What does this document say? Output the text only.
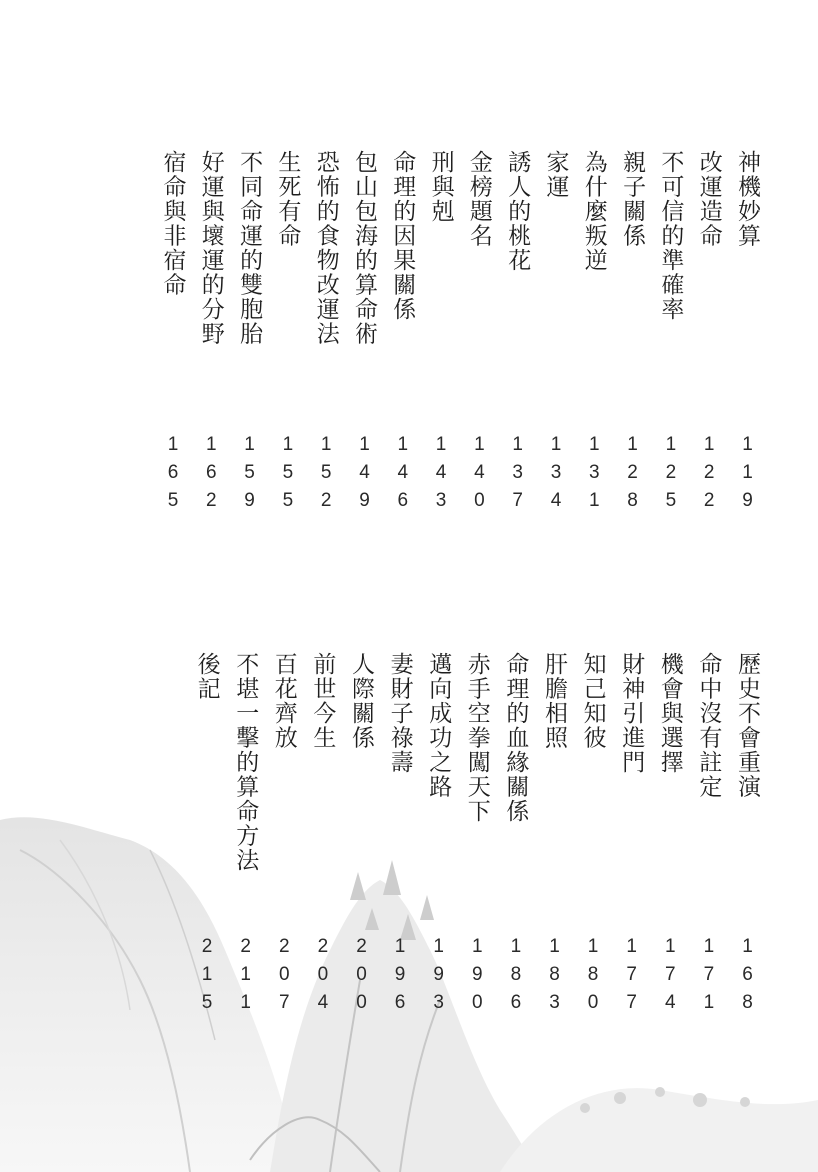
神機妙算
119
改運造命
122
不可信的準確率
125
親子關係
128
為什麼叛逆
131
家運
134
誘人的桃花
137
金榜題名
140
刑與剋
143
命理的因果關係
146
包山包海的算命術
149
恐怖的食物改運法
152
生死有命
155
不同命運的雙胞胎
159
好運與壞運的分野
162
宿命與非宿命
165
歷史不會重演
168
命中沒有註定
171
機會與選擇
174
財神引進門
177
知己知彼
180
肝膽相照
183
命理的血緣關係
186
赤手空拳闖天下
190
邁向成功之路
193
妻財子祿壽
196
人際關係
200
前世今生
204
百花齊放
207
不堪一擊的算命方法
211
後記
215
